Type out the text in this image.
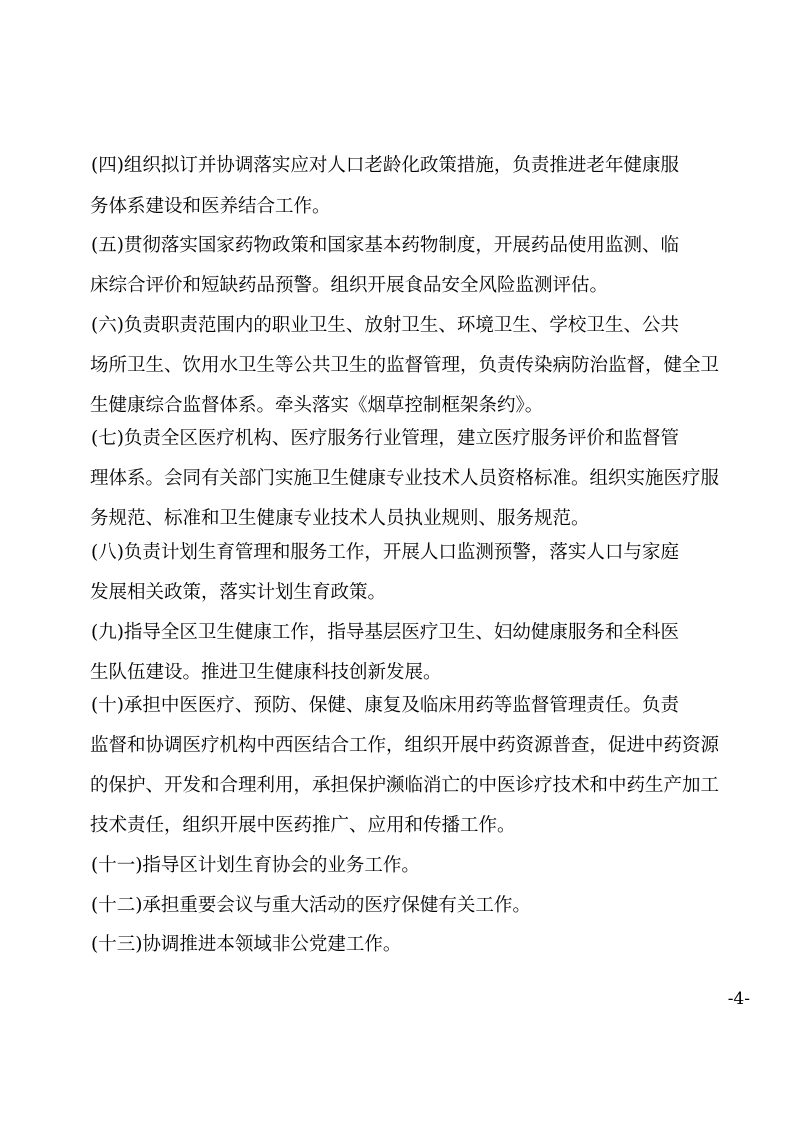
(四)组织拟订并协调落实应对人口老龄化政策措施，负责推进老年健康服

务体系建设和医养结合工作。

(五)贯彻落实国家药物政策和国家基本药物制度，开展药品使用监测、临

床综合评价和短缺药品预警。组织开展食品安全风险监测评估。

(六)负责职责范围内的职业卫生、放射卫生、环境卫生、学校卫生、公共

场所卫生、饮用水卫生等公共卫生的监督管理，负责传染病防治监督，健全卫

生健康综合监督体系。牵头落实《烟草控制框架条约》。

(七)负责全区医疗机构、医疗服务行业管理，建立医疗服务评价和监督管

理体系。会同有关部门实施卫生健康专业技术人员资格标准。组织实施医疗服

务规范、标准和卫生健康专业技术人员执业规则、服务规范。

(八)负责计划生育管理和服务工作，开展人口监测预警，落实人口与家庭

发展相关政策，落实计划生育政策。

(九)指导全区卫生健康工作，指导基层医疗卫生、妇幼健康服务和全科医

生队伍建设。推进卫生健康科技创新发展。

(十)承担中医医疗、预防、保健、康复及临床用药等监督管理责任。负责

监督和协调医疗机构中西医结合工作，组织开展中药资源普查，促进中药资源

的保护、开发和合理利用，承担保护濒临消亡的中医诊疗技术和中药生产加工

技术责任，组织开展中医药推广、应用和传播工作。

(十一)指导区计划生育协会的业务工作。

(十二)承担重要会议与重大活动的医疗保健有关工作。

(十三)协调推进本领域非公党建工作。

-4-
